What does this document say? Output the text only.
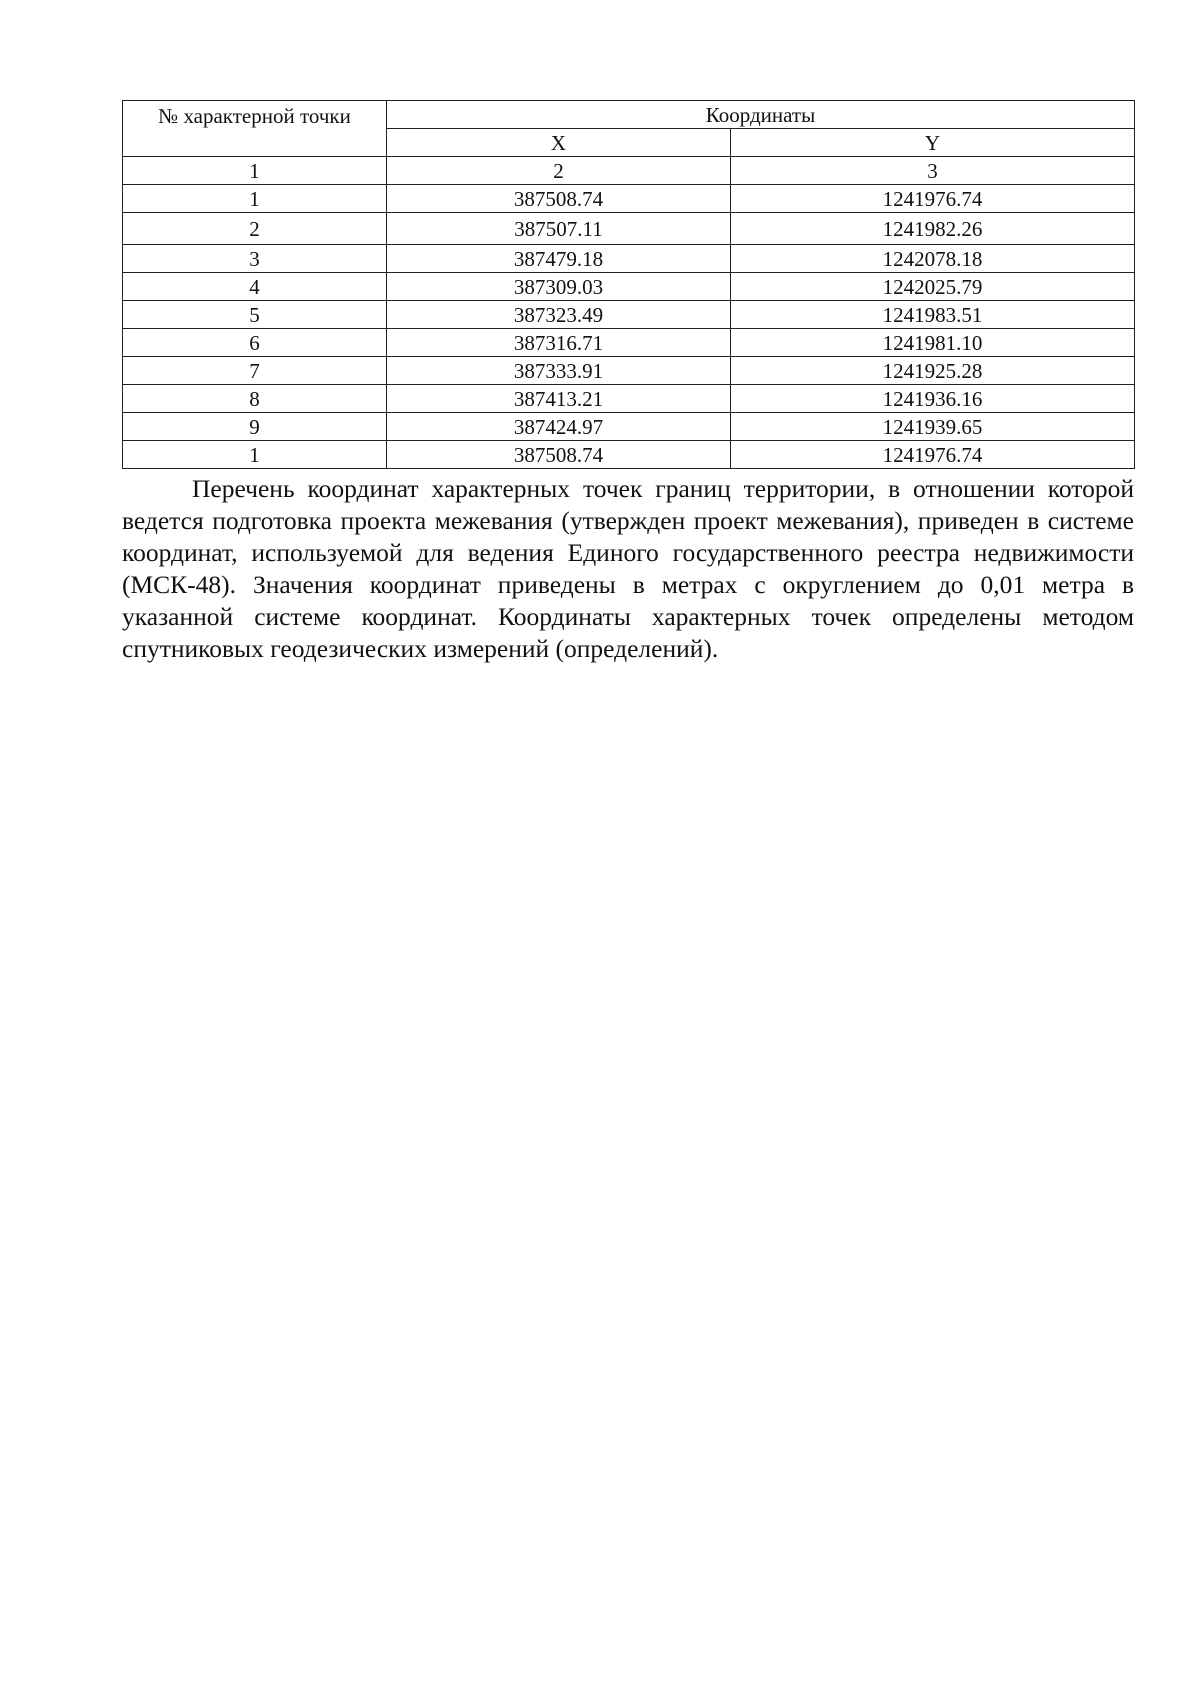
№ характерной точки	Координаты	
	X	Y
1	2	3
1	387508.74	1241976.74
2	387507.11	1241982.26
3	387479.18	1242078.18
4	387309.03	1242025.79
5	387323.49	1241983.51
6	387316.71	1241981.10
7	387333.91	1241925.28
8	387413.21	1241936.16
9	387424.97	1241939.65
1	387508.74	1241976.74

Перечень координат характерных точек границ территории, в отношении которой ведется подготовка проекта межевания (утвержден проект межевания), приведен в системе координат, используемой для ведения Единого государственного реестра недвижимости (МСК-48). Значения координат приведены в метрах с округлением до 0,01 метра в указанной системе координат. Координаты характерных точек определены методом спутниковых геодезических измерений (определений).
